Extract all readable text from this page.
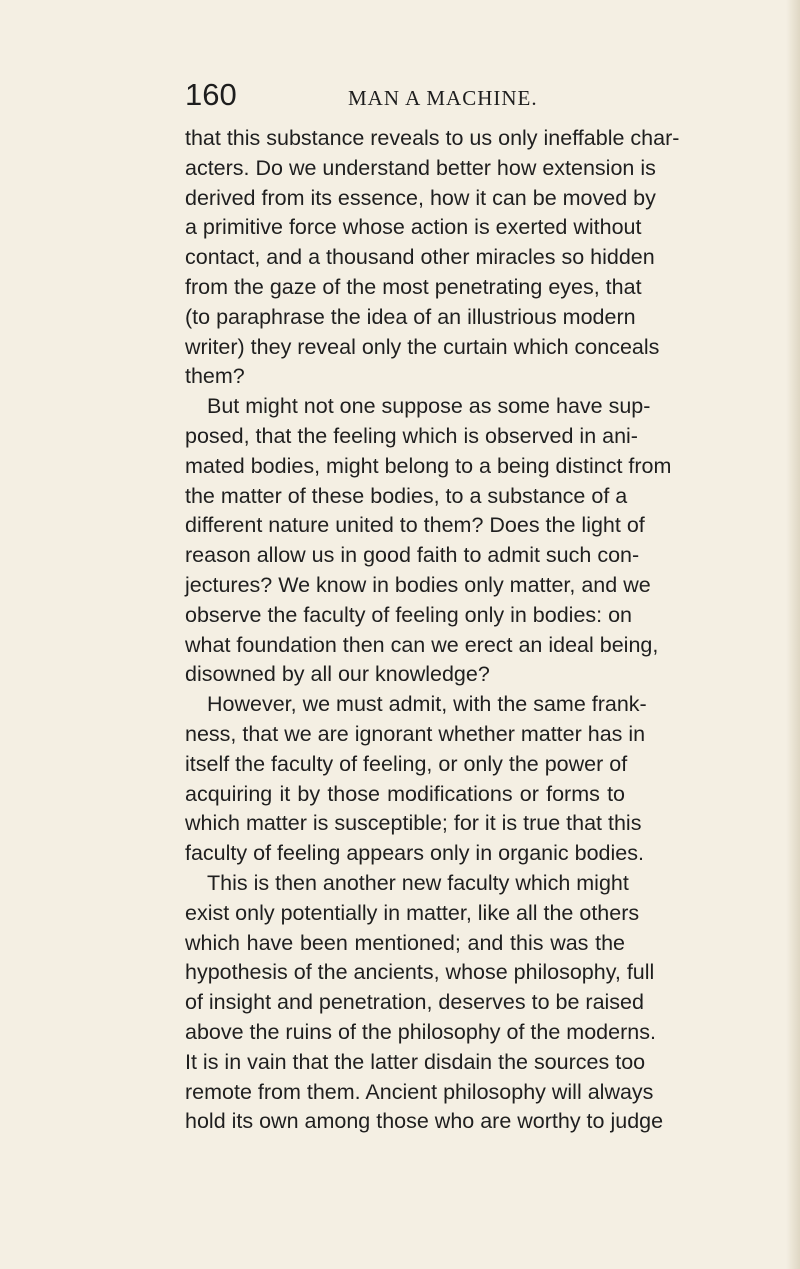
160	MAN A MACHINE.
that this substance reveals to us only ineffable char-
acters. Do we understand better how extension is
derived from its essence, how it can be moved by
a primitive force whose action is exerted without
contact, and a thousand other miracles so hidden
from the gaze of the most penetrating eyes, that
(to paraphrase the idea of an illustrious modern
writer) they reveal only the curtain which conceals
them?
But might not one suppose as some have sup-
posed, that the feeling which is observed in ani-
mated bodies, might belong to a being distinct from
the matter of these bodies, to a substance of a
different nature united to them? Does the light of
reason allow us in good faith to admit such con-
jectures? We know in bodies only matter, and we
observe the faculty of feeling only in bodies: on
what foundation then can we erect an ideal being,
disowned by all our knowledge?
However, we must admit, with the same frank-
ness, that we are ignorant whether matter has in
itself the faculty of feeling, or only the power of
acquiring it by those modifications or forms to
which matter is susceptible; for it is true that this
faculty of feeling appears only in organic bodies.
This is then another new faculty which might
exist only potentially in matter, like all the others
which have been mentioned; and this was the
hypothesis of the ancients, whose philosophy, full
of insight and penetration, deserves to be raised
above the ruins of the philosophy of the moderns.
It is in vain that the latter disdain the sources too
remote from them. Ancient philosophy will always
hold its own among those who are worthy to judge
